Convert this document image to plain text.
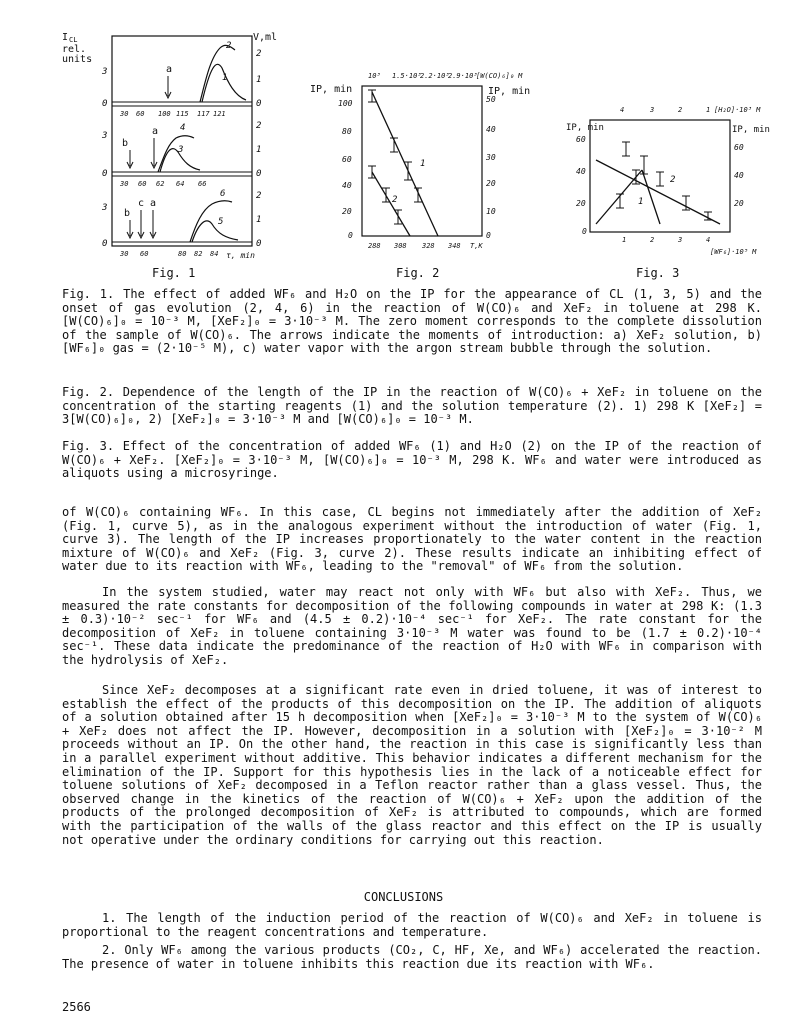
I CL
rel.
units
V,ml
3
0
2
1
0
30 60 100 115 117 121
a
2
1
3
0
2
1
0
30 60 62 64 66
a
b
4
3
3
0
2
1
0
30 60	80 82 84 τ, min
c a
b
6
5
Fig. 1
IP, min	IP, min
10³ 1.5·10³
2.2·10³
2.9·10³
[W(CO)₆]₀ M
100
80
60
40
20
0
50
40
30
20
10
0
288 308 328 348 T,K
1
2
Fig. 2
4	3	2	1 [H₂O]·10³ M
IP, min	IP, min
60
40
20
0
60
40
20
1	2	3	4
[WF₆]·10⁵ M
1
2
Fig. 3

Fig. 1. The effect of added WF₆ and H₂O on the IP for the appearance of CL (1, 3, 5) and the onset of gas evolution (2, 4, 6) in the reaction of W(CO)₆ and XeF₂ in toluene at 298 K. [W(CO)₆]₀ = 10⁻³ M, [XeF₂]₀ = 3·10⁻³ M. The zero moment corresponds to the complete dissolution of the sample of W(CO)₆. The arrows indicate the moments of introduction: a) XeF₂ solution, b) [WF₆]₀ gas = (2·10⁻⁵ M), c) water vapor with the argon stream bubble through the solution.

Fig. 2. Dependence of the length of the IP in the reaction of W(CO)₆ + XeF₂ in toluene on the concentration of the starting reagents (1) and the solution temperature (2). 1) 298 K [XeF₂] = 3[W(CO)₆]₀, 2) [XeF₂]₀ = 3·10⁻³ M and [W(CO)₆]₀ = 10⁻³ M.

Fig. 3. Effect of the concentration of added WF₆ (1) and H₂O (2) on the IP of the reaction of W(CO)₆ + XeF₂. [XeF₂]₀ = 3·10⁻³ M, [W(CO)₆]₀ = 10⁻³ M, 298 K. WF₆ and water were introduced as aliquots using a microsyringe.

of W(CO)₆ containing WF₆. In this case, CL begins not immediately after the addition of XeF₂ (Fig. 1, curve 5), as in the analogous experiment without the introduction of water (Fig. 1, curve 3). The length of the IP increases proportionately to the water content in the reaction mixture of W(CO)₆ and XeF₂ (Fig. 3, curve 2). These results indicate an inhibiting effect of water due to its reaction with WF₆, leading to the "removal" of WF₆ from the solution.

In the system studied, water may react not only with WF₆ but also with XeF₂. Thus, we measured the rate constants for decomposition of the following compounds in water at 298 K: (1.3 ± 0.3)·10⁻² sec⁻¹ for WF₆ and (4.5 ± 0.2)·10⁻⁴ sec⁻¹ for XeF₂. The rate constant for the decomposition of XeF₂ in toluene containing 3·10⁻³ M water was found to be (1.7 ± 0.2)·10⁻⁴ sec⁻¹. These data indicate the predominance of the reaction of H₂O with WF₆ in comparison with the hydrolysis of XeF₂.

Since XeF₂ decomposes at a significant rate even in dried toluene, it was of interest to establish the effect of the products of this decomposition on the IP. The addition of aliquots of a solution obtained after 15 h decomposition when [XeF₂]₀ = 3·10⁻³ M to the system of W(CO)₆ + XeF₂ does not affect the IP. However, decomposition in a solution with [XeF₂]₀ = 3·10⁻² M proceeds without an IP. On the other hand, the reaction in this case is significantly less than in a parallel experiment without additive. This behavior indicates a different mechanism for the elimination of the IP. Support for this hypothesis lies in the lack of a noticeable effect for toluene solutions of XeF₂ decomposed in a Teflon reactor rather than a glass vessel. Thus, the observed change in the kinetics of the reaction of W(CO)₆ + XeF₂ upon the addition of the products of the prolonged decomposition of XeF₂ is attributed to compounds, which are formed with the participation of the walls of the glass reactor and this effect on the IP is usually not operative under the ordinary conditions for carrying out this reaction.

CONCLUSIONS

1. The length of the induction period of the reaction of W(CO)₆ and XeF₂ in toluene is proportional to the reagent concentrations and temperature.

2. Only WF₆ among the various products (CO₂, C, HF, Xe, and WF₆) accelerated the reaction. The presence of water in toluene inhibits this reaction due its reaction with WF₆.

2566
